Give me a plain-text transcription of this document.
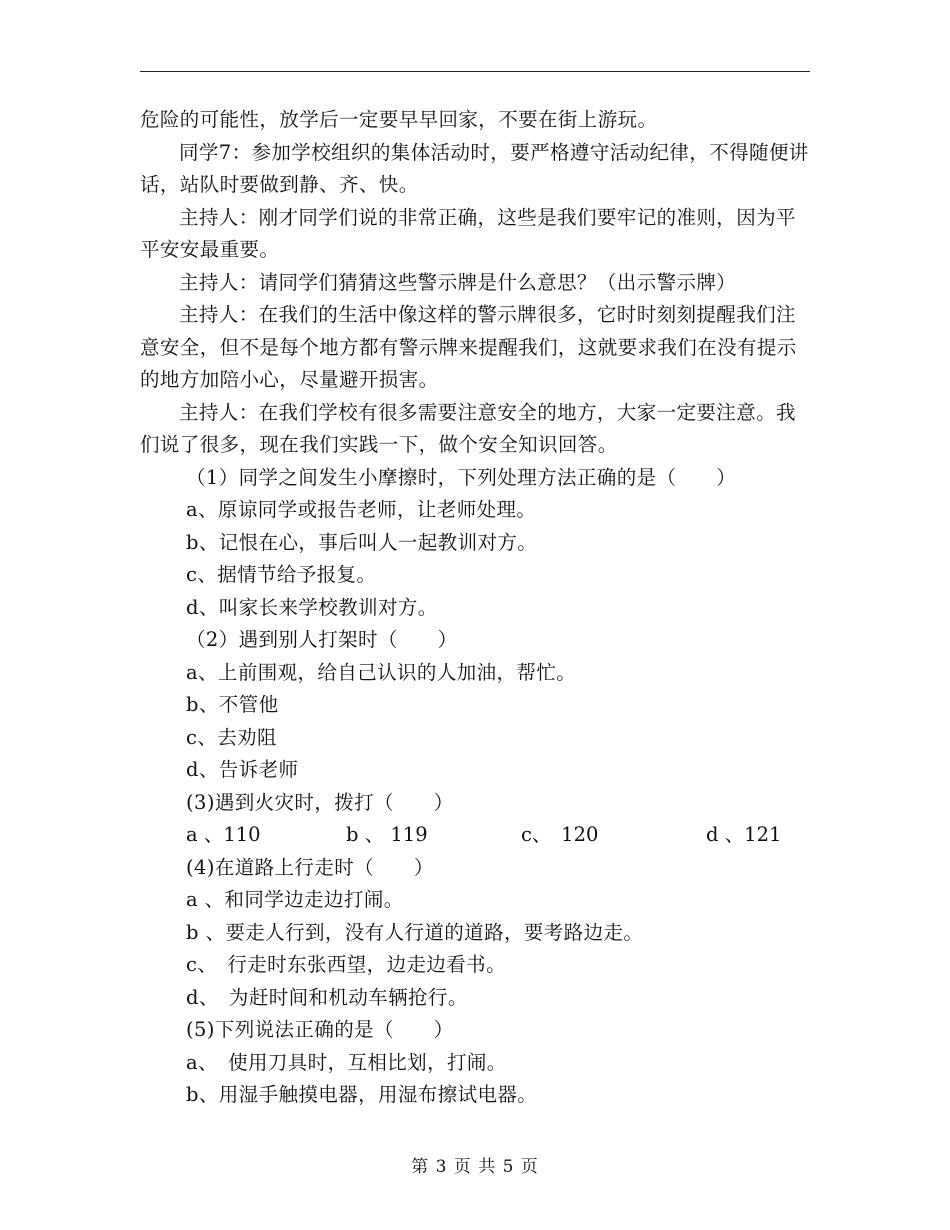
危险的可能性，放学后一定要早早回家，不要在街上游玩。

同学7：参加学校组织的集体活动时，要严格遵守活动纪律，不得随便讲话，站队时要做到静、齐、快。

主持人：刚才同学们说的非常正确，这些是我们要牢记的准则，因为平平安安最重要。

主持人：请同学们猜猜这些警示牌是什么意思？（出示警示牌）

主持人：在我们的生活中像这样的警示牌很多，它时时刻刻提醒我们注意安全，但不是每个地方都有警示牌来提醒我们，这就要求我们在没有提示的地方加陪小心，尽量避开损害。

主持人：在我们学校有很多需要注意安全的地方，大家一定要注意。我们说了很多，现在我们实践一下，做个安全知识回答。

（1）同学之间发生小摩擦时，下列处理方法正确的是（　　）

a、原谅同学或报告老师，让老师处理。

b、记恨在心，事后叫人一起教训对方。

c、据情节给予报复。

d、叫家长来学校教训对方。

（2）遇到别人打架时（　　）

a、上前围观，给自己认识的人加油，帮忙。

b、不管他

c、去劝阻

d、告诉老师

(3)遇到火灾时，拨打（　　）

a 、110	b 、 119	c、　120	d 、121

(4)在道路上行走时（　　）

a 、和同学边走边打闹。

b 、要走人行到，没有人行道的道路，要考路边走。

c、　行走时东张西望，边走边看书。

d、　为赶时间和机动车辆抢行。

(5)下列说法正确的是（　　）

a、　使用刀具时，互相比划，打闹。

b、用湿手触摸电器，用湿布擦试电器。

第 3 页 共 5 页
